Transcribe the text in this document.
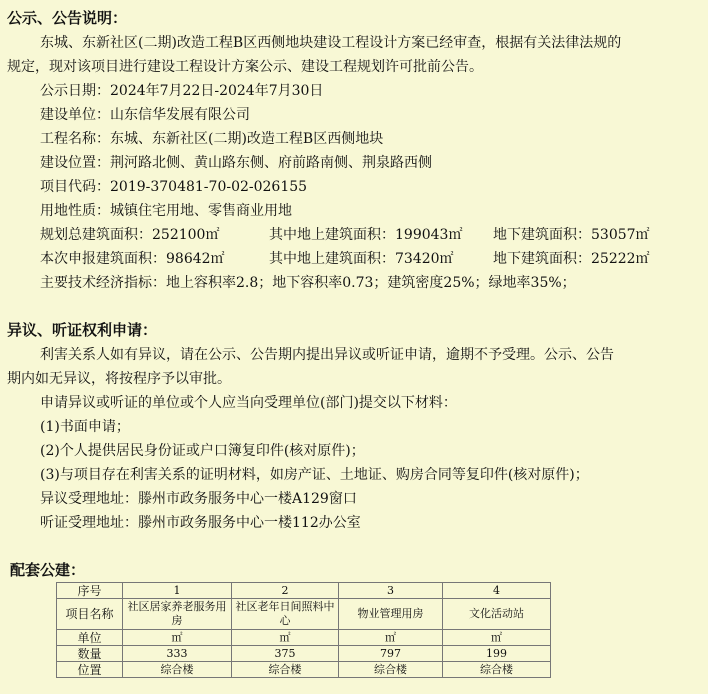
公示、公告说明：
东城、东新社区(二期)改造工程B区西侧地块建设工程设计方案已经审查，根据有关法律法规的
规定，现对该项目进行建设工程设计方案公示、建设工程规划许可批前公告。
公示日期：2024年7月22日-2024年7月30日
建设单位：山东信华发展有限公司
工程名称：东城、东新社区(二期)改造工程B区西侧地块
建设位置：荆河路北侧、黄山路东侧、府前路南侧、荆泉路西侧
项目代码：2019-370481-70-02-026155
用地性质：城镇住宅用地、零售商业用地
规划总建筑面积：252100㎡	其中地上建筑面积：199043㎡ 地下建筑面积：53057㎡
本次申报建筑面积：98642㎡	其中地上建筑面积：73420㎡	地下建筑面积：25222㎡
主要技术经济指标：地上容积率2.8；地下容积率0.73；建筑密度25%；绿地率35%；
异议、听证权利申请：
利害关系人如有异议，请在公示、公告期内提出异议或听证申请，逾期不予受理。公示、公告
期内如无异议，将按程序予以审批。
申请异议或听证的单位或个人应当向受理单位(部门)提交以下材料：
(1)书面申请；
(2)个人提供居民身份证或户口簿复印件(核对原件)；
(3)与项目存在利害关系的证明材料，如房产证、土地证、购房合同等复印件(核对原件)；
异议受理地址：滕州市政务服务中心一楼A129窗口
听证受理地址：滕州市政务服务中心一楼112办公室
配套公建：
序号	1	2	3	4
项目名称	社区居家养老服务用房	社区老年日间照料中心	物业管理用房	文化活动站
单位	㎡	㎡	㎡	㎡
数量	333	375	797	199
位置	综合楼	综合楼	综合楼	综合楼
